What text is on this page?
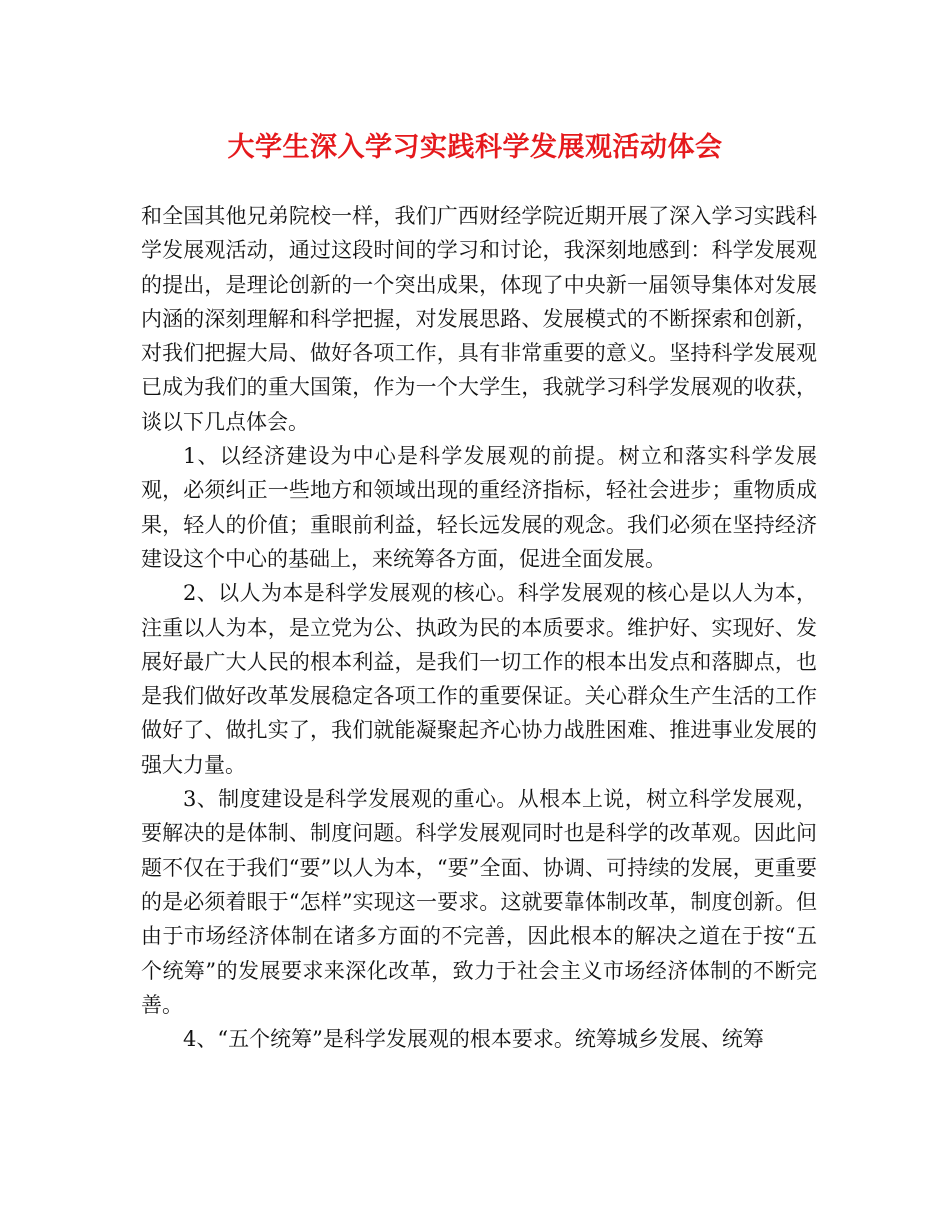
大学生深入学习实践科学发展观活动体会

和全国其他兄弟院校一样，我们广西财经学院近期开展了深入学习实践科学发展观活动，通过这段时间的学习和讨论，我深刻地感到：科学发展观的提出，是理论创新的一个突出成果，体现了中央新一届领导集体对发展内涵的深刻理解和科学把握，对发展思路、发展模式的不断探索和创新，对我们把握大局、做好各项工作，具有非常重要的意义。坚持科学发展观已成为我们的重大国策，作为一个大学生，我就学习科学发展观的收获，谈以下几点体会。

1、以经济建设为中心是科学发展观的前提。树立和落实科学发展观，必须纠正一些地方和领域出现的重经济指标，轻社会进步；重物质成果，轻人的价值；重眼前利益，轻长远发展的观念。我们必须在坚持经济建设这个中心的基础上，来统筹各方面，促进全面发展。

2、以人为本是科学发展观的核心。科学发展观的核心是以人为本，注重以人为本，是立党为公、执政为民的本质要求。维护好、实现好、发展好最广大人民的根本利益，是我们一切工作的根本出发点和落脚点，也是我们做好改革发展稳定各项工作的重要保证。关心群众生产生活的工作做好了、做扎实了，我们就能凝聚起齐心协力战胜困难、推进事业发展的强大力量。

3、制度建设是科学发展观的重心。从根本上说，树立科学发展观，要解决的是体制、制度问题。科学发展观同时也是科学的改革观。因此问题不仅在于我们“要”以人为本，“要”全面、协调、可持续的发展，更重要的是必须着眼于“怎样”实现这一要求。这就要靠体制改革，制度创新。但由于市场经济体制在诸多方面的不完善，因此根本的解决之道在于按“五个统筹”的发展要求来深化改革，致力于社会主义市场经济体制的不断完善。

4、“五个统筹”是科学发展观的根本要求。统筹城乡发展、统筹
